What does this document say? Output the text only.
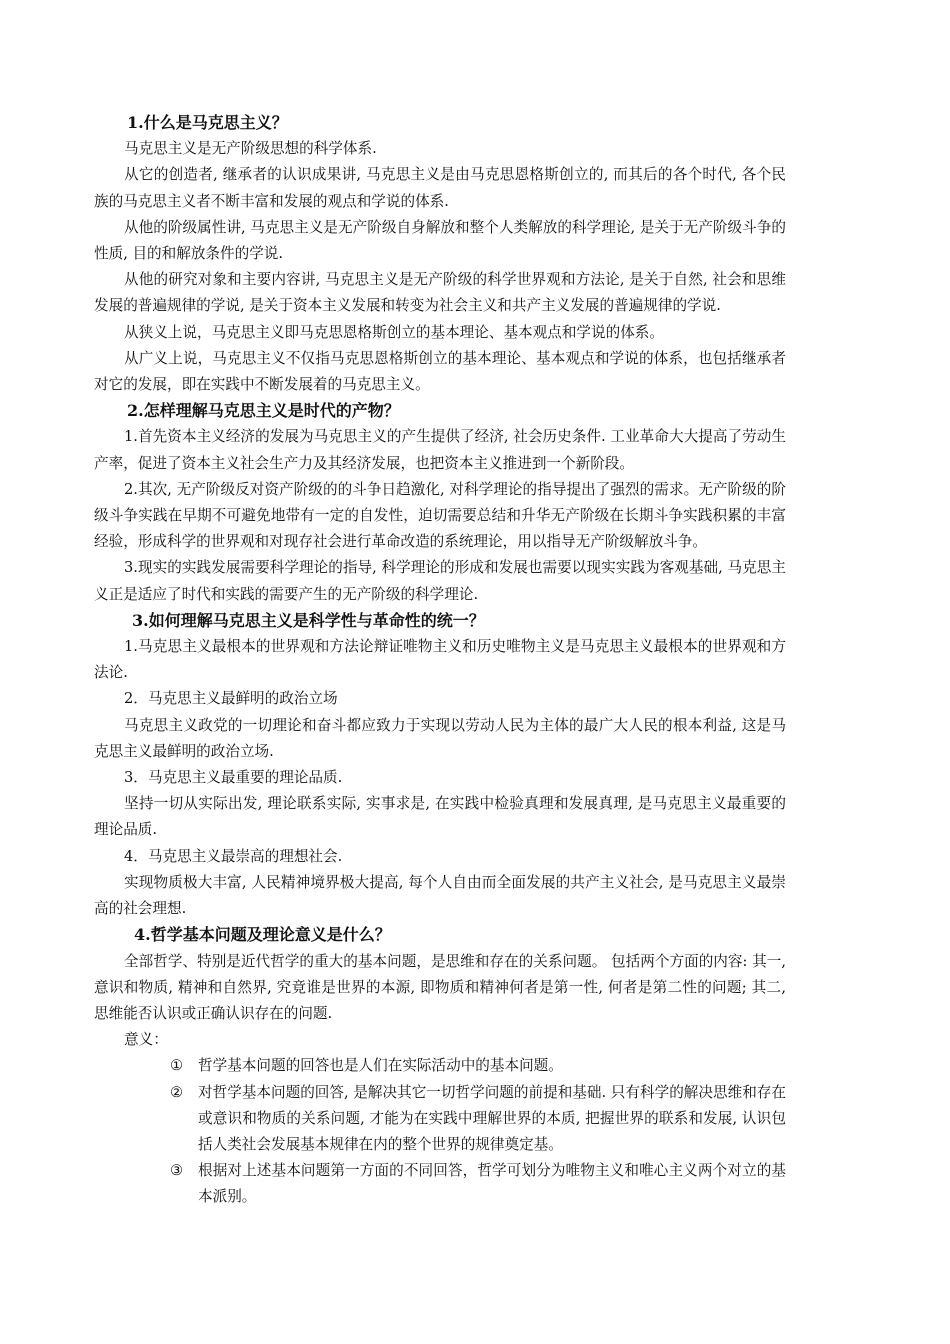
1.什么是马克思主义？

马克思主义是无产阶级思想的科学体系.

从它的创造者, 继承者的认识成果讲, 马克思主义是由马克思恩格斯创立的, 而其后的各个时代, 各个民族的马克思主义者不断丰富和发展的观点和学说的体系.

从他的阶级属性讲, 马克思主义是无产阶级自身解放和整个人类解放的科学理论, 是关于无产阶级斗争的性质, 目的和解放条件的学说.

从他的研究对象和主要内容讲, 马克思主义是无产阶级的科学世界观和方法论, 是关于自然, 社会和思维发展的普遍规律的学说, 是关于资本主义发展和转变为社会主义和共产主义发展的普遍规律的学说.

从狭义上说，马克思主义即马克思恩格斯创立的基本理论、基本观点和学说的体系。

从广义上说，马克思主义不仅指马克思恩格斯创立的基本理论、基本观点和学说的体系，也包括继承者对它的发展，即在实践中不断发展着的马克思主义。

2.怎样理解马克思主义是时代的产物？

1.首先资本主义经济的发展为马克思主义的产生提供了经济, 社会历史条件. 工业革命大大提高了劳动生产率，促进了资本主义社会生产力及其经济发展，也把资本主义推进到一个新阶段。

2.其次, 无产阶级反对资产阶级的的斗争日趋激化, 对科学理论的指导提出了强烈的需求。无产阶级的阶级斗争实践在早期不可避免地带有一定的自发性，迫切需要总结和升华无产阶级在长期斗争实践积累的丰富经验，形成科学的世界观和对现存社会进行革命改造的系统理论，用以指导无产阶级解放斗争。

3.现实的实践发展需要科学理论的指导, 科学理论的形成和发展也需要以现实实践为客观基础, 马克思主义正是适应了时代和实践的需要产生的无产阶级的科学理论.

3.如何理解马克思主义是科学性与革命性的统一？

1.马克思主义最根本的世界观和方法论辩证唯物主义和历史唯物主义是马克思主义最根本的世界观和方法论.

2．马克思主义最鲜明的政治立场

马克思主义政党的一切理论和奋斗都应致力于实现以劳动人民为主体的最广大人民的根本利益, 这是马克思主义最鲜明的政治立场.

3．马克思主义最重要的理论品质.

坚持一切从实际出发, 理论联系实际, 实事求是, 在实践中检验真理和发展真理, 是马克思主义最重要的理论品质.

4．马克思主义最崇高的理想社会.

实现物质极大丰富, 人民精神境界极大提高, 每个人自由而全面发展的共产主义社会, 是马克思主义最崇高的社会理想.

4.哲学基本问题及理论意义是什么？

全部哲学、特别是近代哲学的重大的基本问题，是思维和存在的关系问题。 包括两个方面的内容: 其一, 意识和物质, 精神和自然界, 究竟谁是世界的本源, 即物质和精神何者是第一性, 何者是第二性的问题; 其二, 思维能否认识或正确认识存在的问题.

意义：

① 哲学基本问题的回答也是人们在实际活动中的基本问题。
② 对哲学基本问题的回答, 是解决其它一切哲学问题的前提和基础. 只有科学的解决思维和存在或意识和物质的关系问题, 才能为在实践中理解世界的本质, 把握世界的联系和发展, 认识包括人类社会发展基本规律在内的整个世界的规律奠定基。
③ 根据对上述基本问题第一方面的不同回答，哲学可划分为唯物主义和唯心主义两个对立的基本派别。
